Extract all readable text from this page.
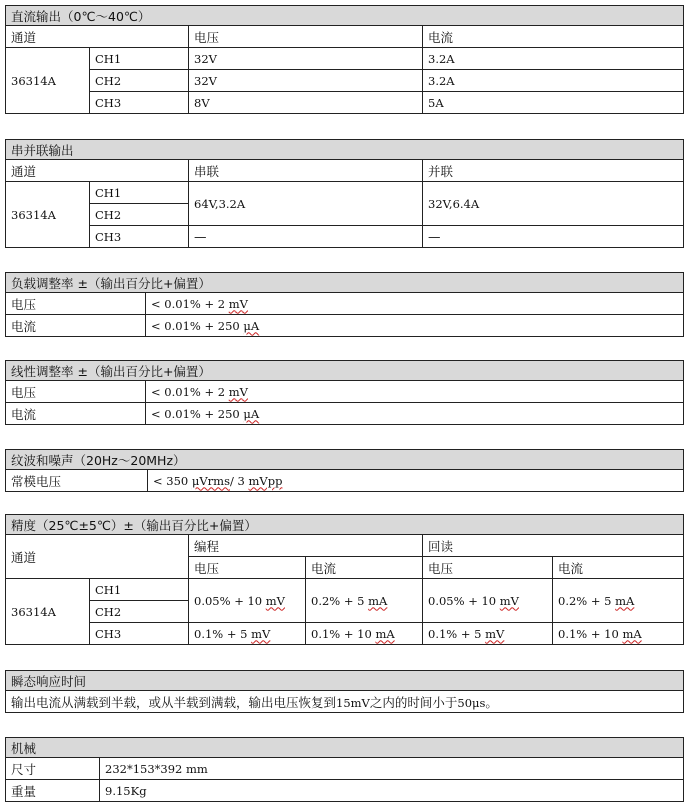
直流输出（0℃～40℃）			
通道		电压	电流
36314A	CH1	32V	3.2A
	CH2	32V	3.2A
	CH3	8V	5A
串并联输出			
通道		串联	并联
36314A	CH1	64V,3.2A	32V,6.4A
	CH2		
	CH3	—	—
负载调整率 ±（输出百分比+偏置）	
电压	< 0.01% + 2 mV
电流	< 0.01% + 250 μA
线性调整率 ±（输出百分比+偏置）	
电压	< 0.01% + 2 mV
电流	< 0.01% + 250 μA
纹波和噪声（20Hz～20MHz）
常模电压	< 350 μVrms/ 3 mVpp
精度（25℃±5℃）±（输出百分比+偏置）					
通道		编程		回读	
		电压	电流	电压	电流
36314A	CH1	0.05% + 10 mV	0.2% + 5 mA	0.05% + 10 mV	0.2% + 5 mA
	CH2				
	CH3	0.1% + 5 mV	0.1% + 10 mA	0.1% + 5 mV	0.1% + 10 mA
瞬态响应时间
输出电流从满载到半载，或从半载到满载，输出电压恢复到15mV之内的时间小于50μs。
机械	
尺寸	232*153*392 mm
重量	9.15Kg
